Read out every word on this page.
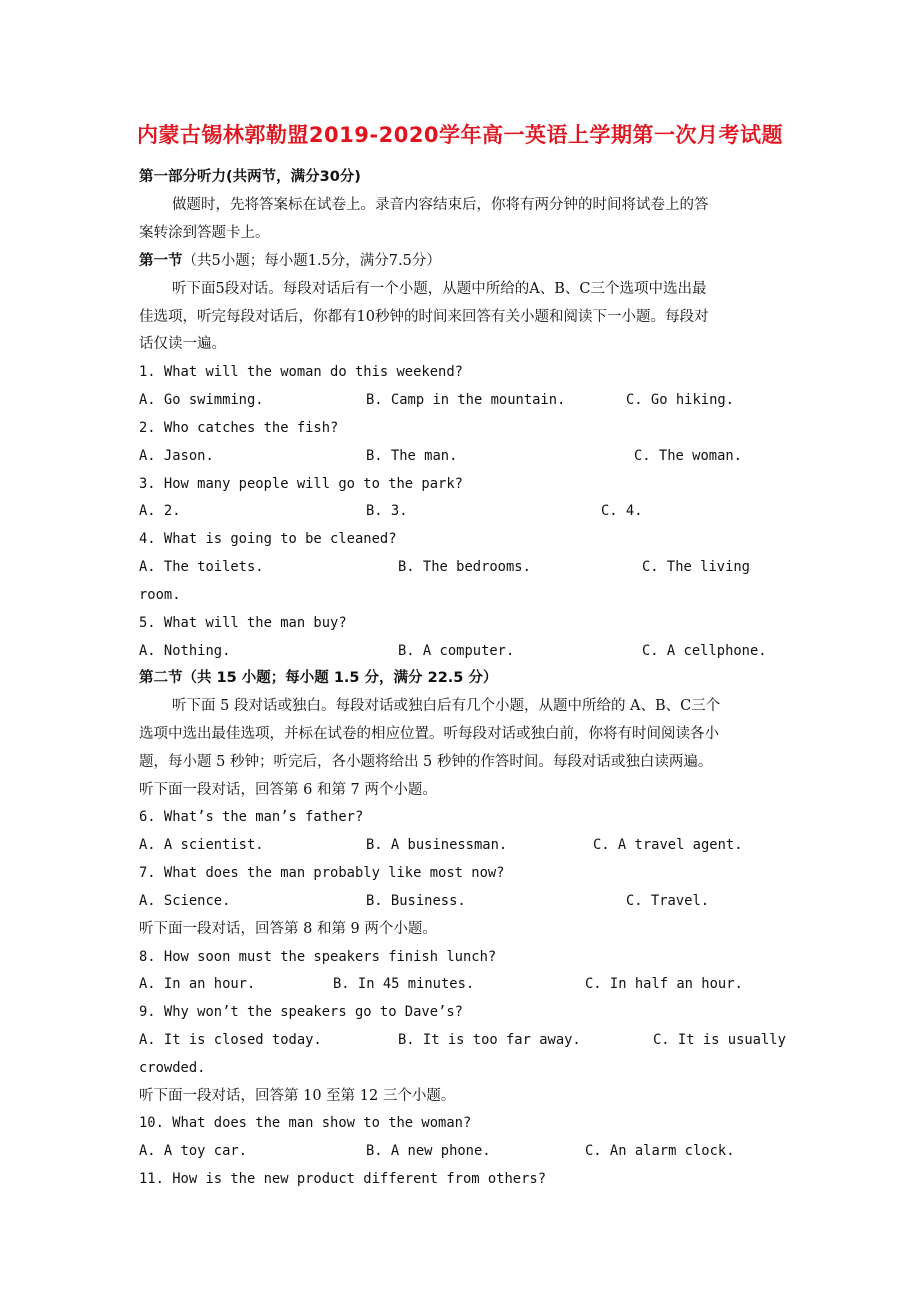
内蒙古锡林郭勒盟2019-2020学年高一英语上学期第一次月考试题
第一部分听力(共两节，满分30分)
做题时，先将答案标在试卷上。录音内容结束后，你将有两分钟的时间将试卷上的答
案转涂到答题卡上。
第一节（共5小题；每小题1.5分，满分7.5分）
听下面5段对话。每段对话后有一个小题，从题中所给的A、B、C三个选项中选出最
佳选项，听完每段对话后，你都有10秒钟的时间来回答有关小题和阅读下一小题。每段对
话仅读一遍。
1. What will the woman do this weekend?
A. Go swimming.	B. Camp in the mountain.	C. Go hiking.
2. Who catches the fish?
A. Jason.	B. The man.	C. The woman.
3. How many people will go to the park?
A. 2.	B. 3.	C. 4.
4. What is going to be cleaned?
A. The toilets.	B. The bedrooms.	C. The living
room.
5. What will the man buy?
A. Nothing.	B. A computer.	C. A cellphone.
第二节（共 15 小题；每小题 1.5 分，满分 22.5 分）
听下面 5 段对话或独白。每段对话或独白后有几个小题，从题中所给的 A、B、C三个
选项中选出最佳选项，并标在试卷的相应位置。听每段对话或独白前，你将有时间阅读各小
题，每小题 5 秒钟；听完后，各小题将给出 5 秒钟的作答时间。每段对话或独白读两遍。
听下面一段对话，回答第 6 和第 7 两个小题。
6. What’s the man’s father?
A. A scientist.	B. A businessman.	C. A travel agent.
7. What does the man probably like most now?
A. Science.	B. Business.	C. Travel.
听下面一段对话，回答第 8 和第 9 两个小题。
8. How soon must the speakers finish lunch?
A. In an hour.	B. In 45 minutes.	C. In half an hour.
9. Why won’t the speakers go to Dave’s?
A. It is closed today.	B. It is too far away.	C. It is usually
crowded.
听下面一段对话，回答第 10 至第 12 三个小题。
10. What does the man show to the woman?
A. A toy car.	B. A new phone.	C. An alarm clock.
11. How is the new product different from others?
